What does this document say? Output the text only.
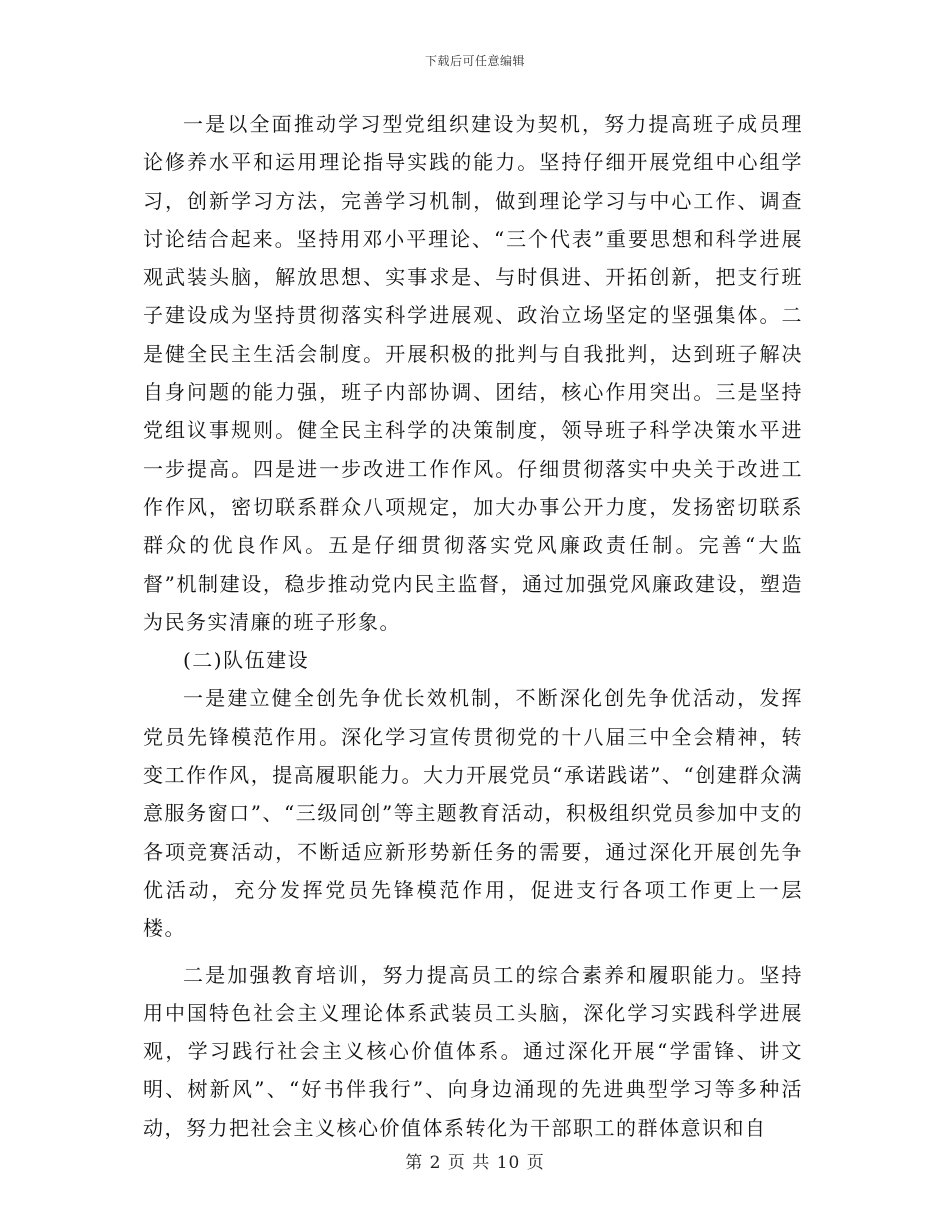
下载后可任意编辑

一是以全面推动学习型党组织建设为契机，努力提高班子成员理论修养水平和运用理论指导实践的能力。坚持仔细开展党组中心组学习，创新学习方法，完善学习机制，做到理论学习与中心工作、调查讨论结合起来。坚持用邓小平理论、“三个代表”重要思想和科学进展观武装头脑，解放思想、实事求是、与时俱进、开拓创新，把支行班子建设成为坚持贯彻落实科学进展观、政治立场坚定的坚强集体。二是健全民主生活会制度。开展积极的批判与自我批判，达到班子解决自身问题的能力强，班子内部协调、团结，核心作用突出。三是坚持党组议事规则。健全民主科学的决策制度，领导班子科学决策水平进一步提高。四是进一步改进工作作风。仔细贯彻落实中央关于改进工作作风，密切联系群众八项规定，加大办事公开力度，发扬密切联系群众的优良作风。五是仔细贯彻落实党风廉政责任制。完善“大监督”机制建设，稳步推动党内民主监督，通过加强党风廉政建设，塑造为民务实清廉的班子形象。

(二)队伍建设

一是建立健全创先争优长效机制，不断深化创先争优活动，发挥党员先锋模范作用。深化学习宣传贯彻党的十八届三中全会精神，转变工作作风，提高履职能力。大力开展党员“承诺践诺”、“创建群众满意服务窗口”、“三级同创”等主题教育活动，积极组织党员参加中支的各项竞赛活动，不断适应新形势新任务的需要，通过深化开展创先争优活动，充分发挥党员先锋模范作用，促进支行各项工作更上一层楼。

二是加强教育培训，努力提高员工的综合素养和履职能力。坚持用中国特色社会主义理论体系武装员工头脑，深化学习实践科学进展观，学习践行社会主义核心价值体系。通过深化开展“学雷锋、讲文明、树新风”、“好书伴我行”、向身边涌现的先进典型学习等多种活动，努力把社会主义核心价值体系转化为干部职工的群体意识和自

第 2 页 共 10 页
